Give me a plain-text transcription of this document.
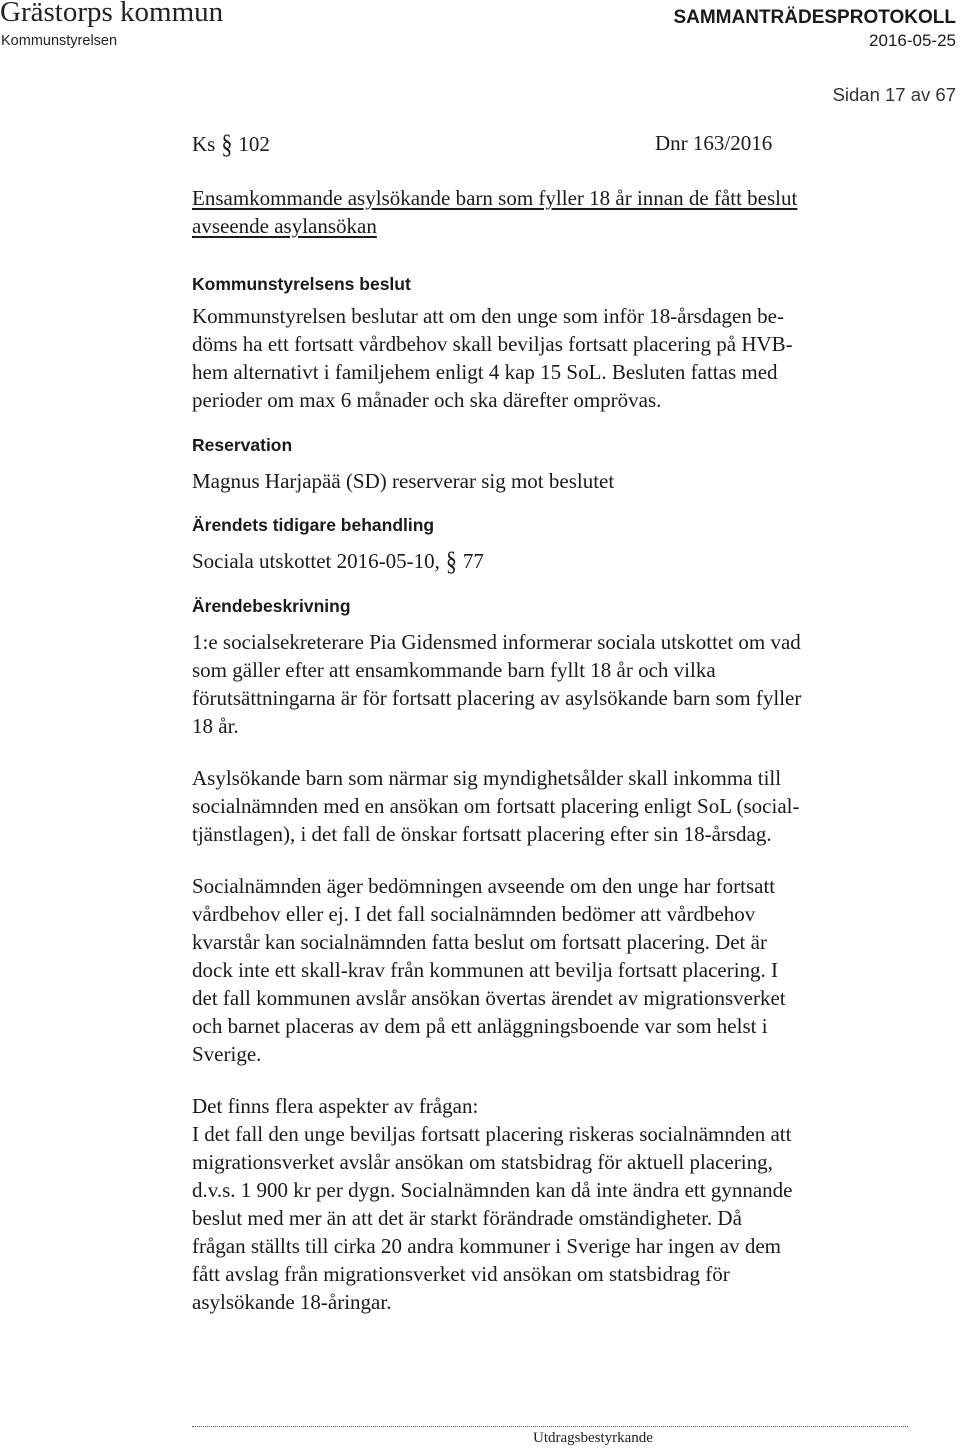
Grästorps kommun
Kommunstyrelsen
SAMMANTRÄDESPROTOKOLL
2016-05-25
Sidan 17 av 67
Ks § 102	Dnr 163/2016

Ensamkommande asylsökande barn som fyller 18 år innan de fått beslut
avseende asylansökan

Kommunstyrelsens beslut

Kommunstyrelsen beslutar att om den unge som inför 18-årsdagen be-
döms ha ett fortsatt vårdbehov skall beviljas fortsatt placering på HVB-
hem alternativt i familjehem enligt 4 kap 15 SoL. Besluten fattas med
perioder om max 6 månader och ska därefter omprövas.

Reservation

Magnus Harjapää (SD) reserverar sig mot beslutet

Ärendets tidigare behandling

Sociala utskottet 2016-05-10, § 77

Ärendebeskrivning

1:e socialsekreterare Pia Gidensmed informerar sociala utskottet om vad
som gäller efter att ensamkommande barn fyllt 18 år och vilka
förutsättningarna är för fortsatt placering av asylsökande barn som fyller
18 år.

Asylsökande barn som närmar sig myndighetsålder skall inkomma till
socialnämnden med en ansökan om fortsatt placering enligt SoL (social-
tjänstlagen), i det fall de önskar fortsatt placering efter sin 18-årsdag.

Socialnämnden äger bedömningen avseende om den unge har fortsatt
vårdbehov eller ej. I det fall socialnämnden bedömer att vårdbehov
kvarstår kan socialnämnden fatta beslut om fortsatt placering. Det är
dock inte ett skall-krav från kommunen att bevilja fortsatt placering. I
det fall kommunen avslår ansökan övertas ärendet av migrationsverket
och barnet placeras av dem på ett anläggningsboende var som helst i
Sverige.

Det finns flera aspekter av frågan:
I det fall den unge beviljas fortsatt placering riskeras socialnämnden att
migrationsverket avslår ansökan om statsbidrag för aktuell placering,
d.v.s. 1 900 kr per dygn. Socialnämnden kan då inte ändra ett gynnande
beslut med mer än att det är starkt förändrade omständigheter. Då
frågan ställts till cirka 20 andra kommuner i Sverige har ingen av dem
fått avslag från migrationsverket vid ansökan om statsbidrag för
asylsökande 18-åringar.

Utdragsbestyrkande
